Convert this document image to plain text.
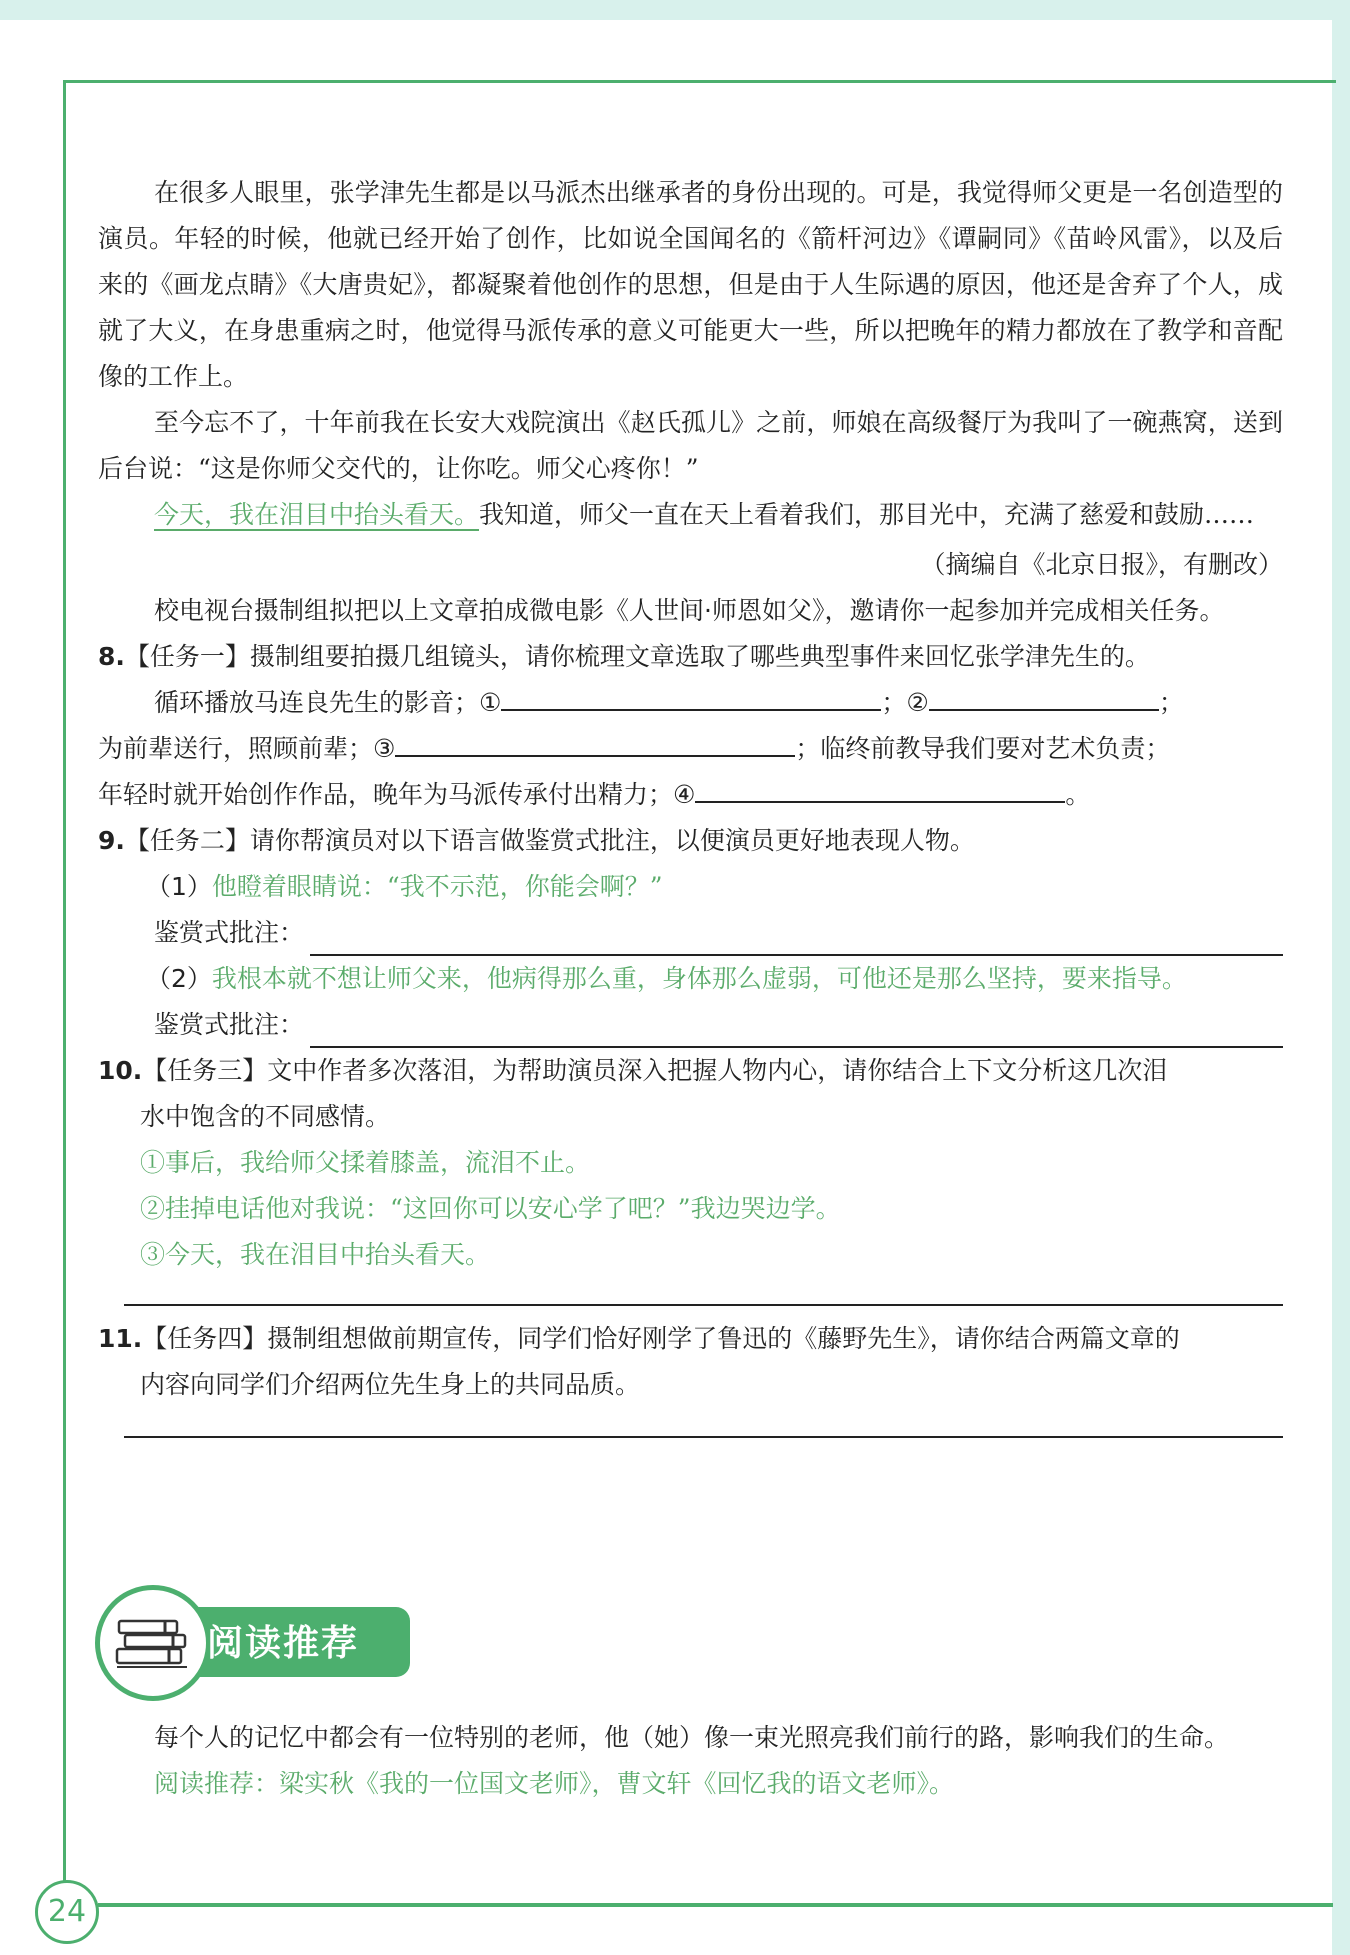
24

在很多人眼里，张学津先生都是以马派杰出继承者的身份出现的。可是，我觉得师父更是一名创造型的演员。年轻的时候，他就已经开始了创作，比如说全国闻名的《箭杆河边》《谭嗣同》《苗岭风雷》，以及后来的《画龙点睛》《大唐贵妃》，都凝聚着他创作的思想，但是由于人生际遇的原因，他还是舍弃了个人，成就了大义，在身患重病之时，他觉得马派传承的意义可能更大一些，所以把晚年的精力都放在了教学和音配像的工作上。

至今忘不了，十年前我在长安大戏院演出《赵氏孤儿》之前，师娘在高级餐厅为我叫了一碗燕窝，送到后台说：“这是你师父交代的，让你吃。师父心疼你！”

今天，我在泪目中抬头看天。我知道，师父一直在天上看着我们，那目光中，充满了慈爱和鼓励……

（摘编自《北京日报》，有删改）

校电视台摄制组拟把以上文章拍成微电影《人世间·师恩如父》，邀请你一起参加并完成相关任务。

8.【任务一】摄制组要拍摄几组镜头，请你梳理文章选取了哪些典型事件来回忆张学津先生的。

循环播放马连良先生的影音；①	；②	；

为前辈送行，照顾前辈；③	；临终前教导我们要对艺术负责；

年轻时就开始创作作品，晚年为马派传承付出精力；④	。

9.【任务二】请你帮演员对以下语言做鉴赏式批注，以便演员更好地表现人物。

（1）他瞪着眼睛说：“我不示范，你能会啊？”

鉴赏式批注：

（2）我根本就不想让师父来，他病得那么重，身体那么虚弱，可他还是那么坚持，要来指导。

鉴赏式批注：

10.【任务三】文中作者多次落泪，为帮助演员深入把握人物内心，请你结合上下文分析这几次泪

水中饱含的不同感情。

①事后，我给师父揉着膝盖，流泪不止。

②挂掉电话他对我说：“这回你可以安心学了吧？”我边哭边学。

③今天，我在泪目中抬头看天。

11.【任务四】摄制组想做前期宣传，同学们恰好刚学了鲁迅的《藤野先生》，请你结合两篇文章的

内容向同学们介绍两位先生身上的共同品质。

阅读推荐

每个人的记忆中都会有一位特别的老师，他（她）像一束光照亮我们前行的路，影响我们的生命。

阅读推荐：梁实秋《我的一位国文老师》，曹文轩《回忆我的语文老师》。
